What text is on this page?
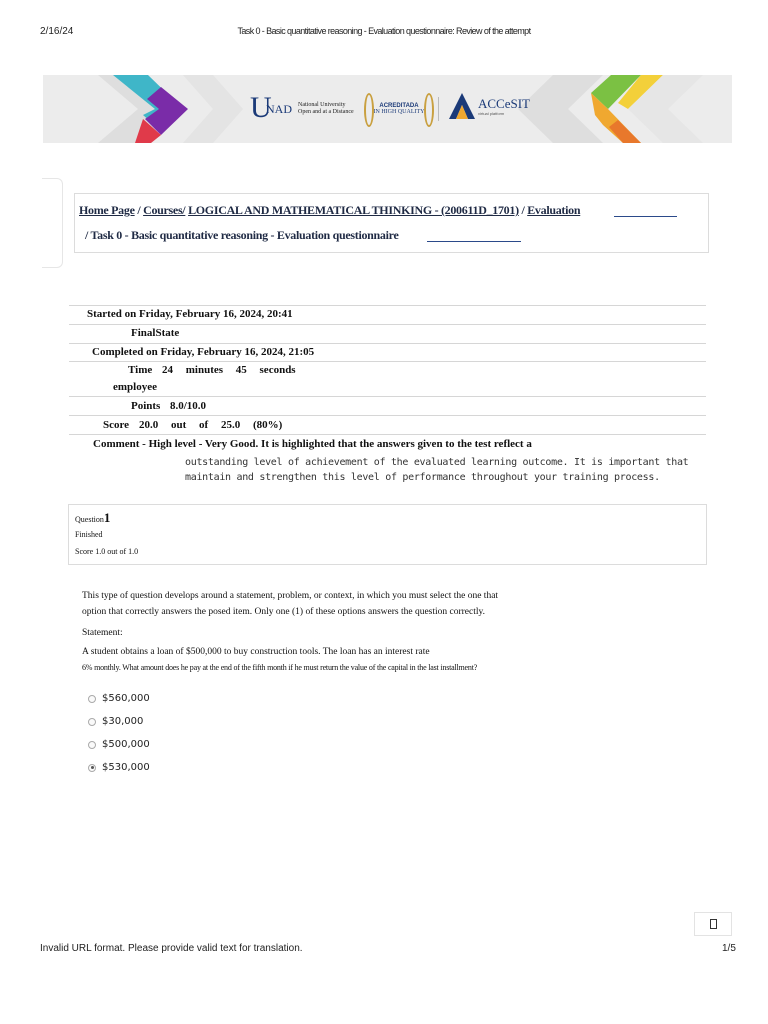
2/16/24	Task 0 - Basic quantitative reasoning - Evaluation questionnaire: Review of the attempt
U
NAD National University
Open and at a Distance
ACREDITADA
IN HIGH QUALITY
ACCeSIT
virtual platform
Home Page / Courses/ LOGICAL AND MATHEMATICAL THINKING - (200611D_1701) / Evaluation
/ Task 0 - Basic quantitative reasoning - Evaluation questionnaire
Started on Friday, February 16, 2024, 20:41
FinalState
Completed on Friday, February 16, 2024, 21:05
Time 24 minutes 45 seconds
employee
Points 8.0/10.0
Score 20.0 out of 25.0 (80%)
Comment - High level - Very Good. It is highlighted that the answers given to the test reflect a
outstanding level of achievement of the evaluated learning outcome. It is important that
maintain and strengthen this level of performance throughout your training process.
Question1
Finished
Score 1.0 out of 1.0
This type of question develops around a statement, problem, or context, in which you must select the one that
option that correctly answers the posed item. Only one (1) of these options answers the question correctly.
Statement:
A student obtains a loan of $500,000 to buy construction tools. The loan has an interest rate
6% monthly. What amount does he pay at the end of the fifth month if he must return the value of the capital in the last installment?
$560,000
$30,000
$500,000
$530,000
Invalid URL format. Please provide valid text for translation.	1/5
